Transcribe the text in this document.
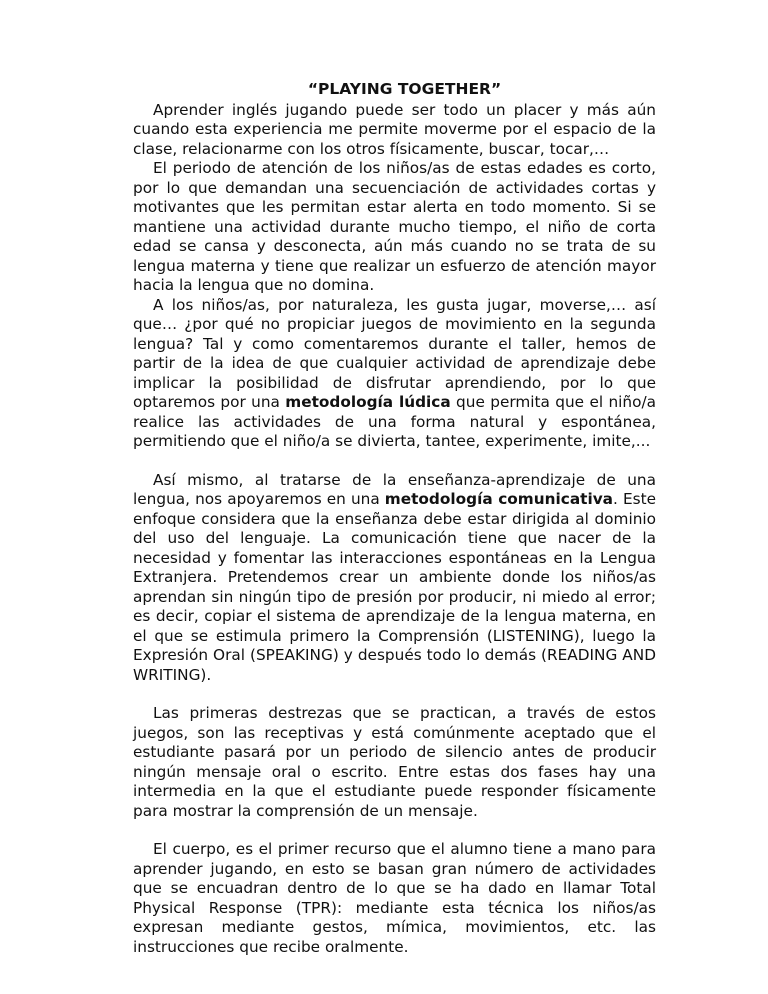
“PLAYING TOGETHER”

Aprender inglés jugando puede ser todo un placer y más aún cuando esta experiencia me permite moverme por el espacio de la clase, relacionarme con los otros físicamente, buscar, tocar,…

El periodo de atención de los niños/as de estas edades es corto, por lo que demandan una secuenciación de actividades cortas y motivantes que les permitan estar alerta en todo momento. Si se mantiene una actividad durante mucho tiempo, el niño de corta edad se cansa y desconecta, aún más cuando no se trata de su lengua materna y tiene que realizar un esfuerzo de atención mayor hacia la lengua que no domina.

A los niños/as, por naturaleza, les gusta jugar, moverse,… así que… ¿por qué no propiciar juegos de movimiento en la segunda lengua? Tal y como comentaremos durante el taller, hemos de partir de la idea de que cualquier actividad de aprendizaje debe implicar la posibilidad de disfrutar aprendiendo, por lo que optaremos por una metodología lúdica que permita que el niño/a realice las actividades de una forma natural y espontánea, permitiendo que el niño/a se divierta, tantee, experimente, imite,...

Así mismo, al tratarse de la enseñanza-aprendizaje de una lengua, nos apoyaremos en una metodología comunicativa. Este enfoque considera que la enseñanza debe estar dirigida al dominio del uso del lenguaje. La comunicación tiene que nacer de la necesidad y fomentar las interacciones espontáneas en la Lengua Extranjera. Pretendemos crear un ambiente donde los niños/as aprendan sin ningún tipo de presión por producir, ni miedo al error; es decir, copiar el sistema de aprendizaje de la lengua materna, en el que se estimula primero la Comprensión (LISTENING), luego la Expresión Oral (SPEAKING) y después todo lo demás (READING AND WRITING).

Las primeras destrezas que se practican, a través de estos juegos, son las receptivas y está comúnmente aceptado que el estudiante pasará por un periodo de silencio antes de producir ningún mensaje oral o escrito. Entre estas dos fases hay una intermedia en la que el estudiante puede responder físicamente para mostrar la comprensión de un mensaje.

El cuerpo, es el primer recurso que el alumno tiene a mano para aprender jugando, en esto se basan gran número de actividades que se encuadran dentro de lo que se ha dado en llamar Total Physical Response (TPR): mediante esta técnica los niños/as expresan mediante gestos, mímica, movimientos, etc. las instrucciones que recibe oralmente.
